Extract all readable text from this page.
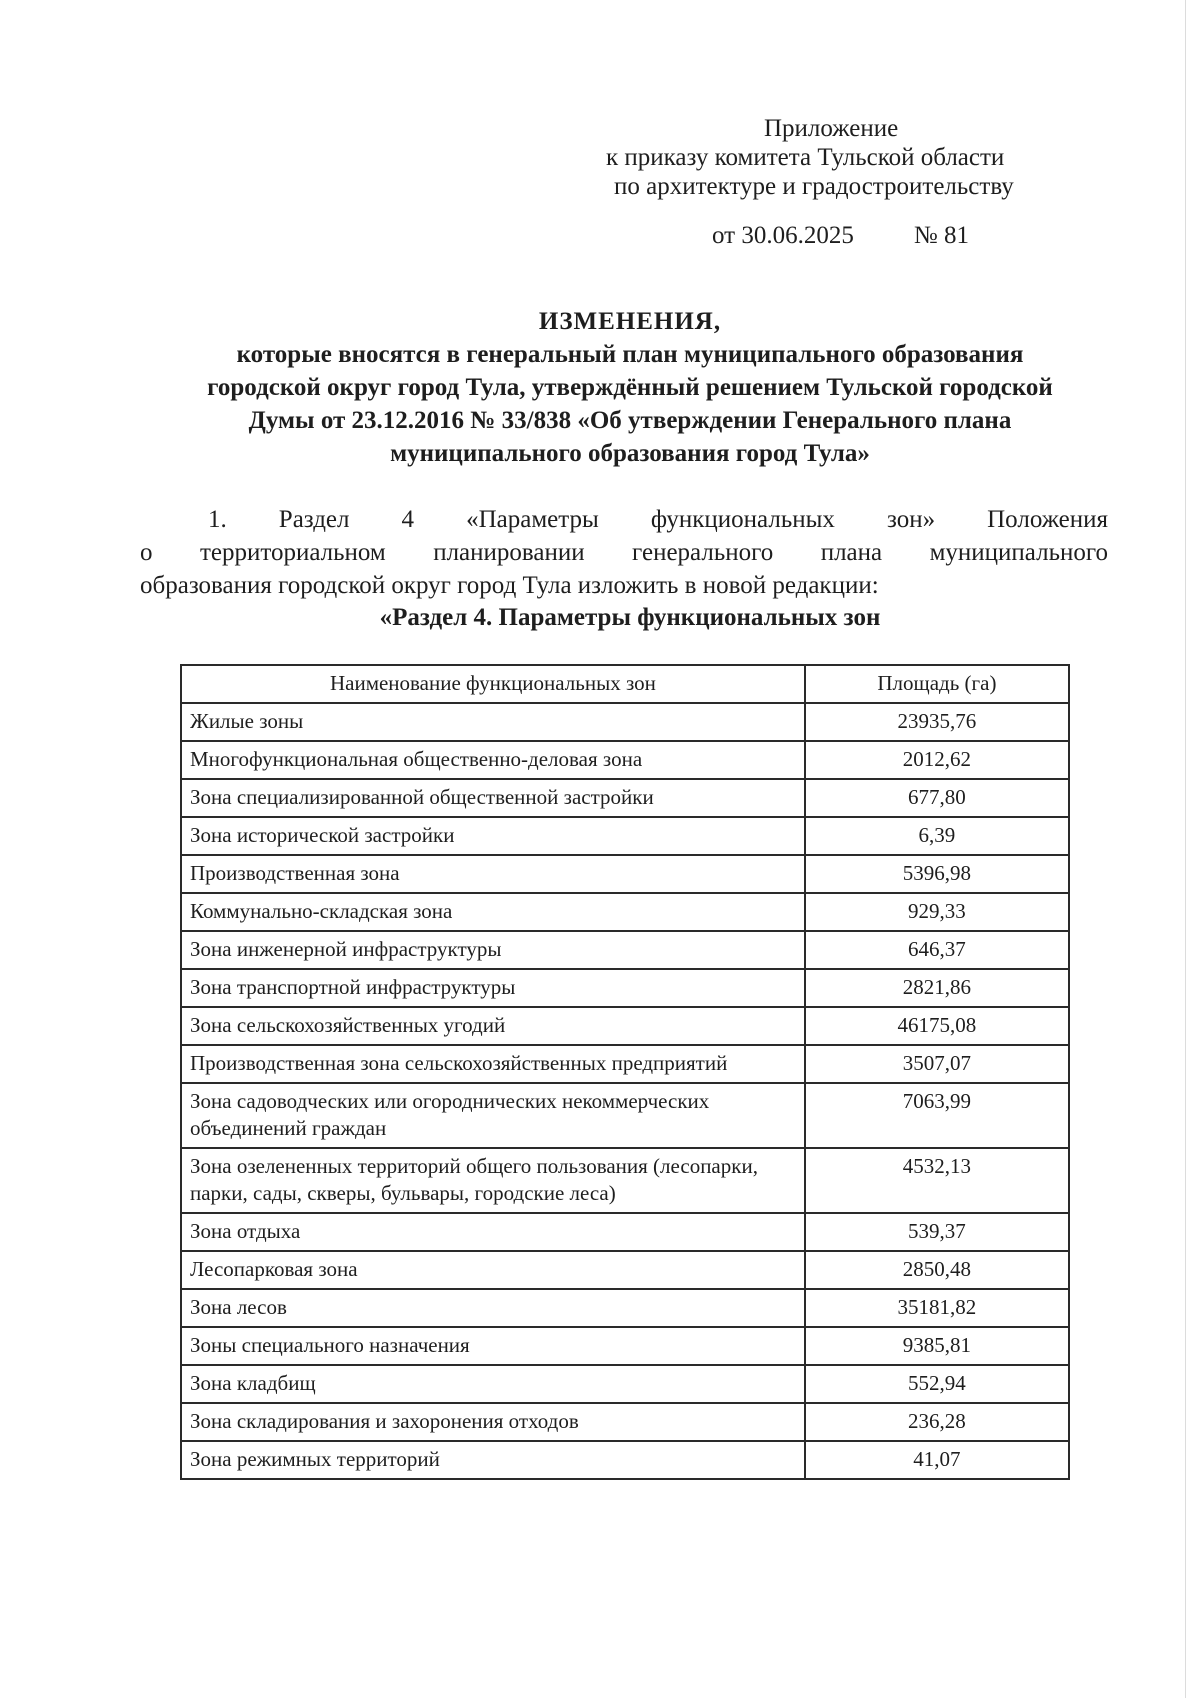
Приложение
к приказу комитета Тульской области
по архитектуре и градостроительству
от 30.06.2025 № 81
ИЗМЕНЕНИЯ,
которые вносятся в генеральный план муниципального образования
городской округ город Тула, утверждённый решением Тульской городской
Думы от 23.12.2016 № 33/838 «Об утверждении Генерального плана
муниципального образования город Тула»
1. Раздел 4 «Параметры функциональных зон» Положения
о территориальном планировании генерального плана муниципального
образования городской округ город Тула изложить в новой редакции:
«Раздел 4. Параметры функциональных зон
Наименование функциональных зон	Площадь (га)
Жилые зоны	23935,76
Многофункциональная общественно-деловая зона	2012,62
Зона специализированной общественной застройки	677,80
Зона исторической застройки	6,39
Производственная зона	5396,98
Коммунально-складская зона	929,33
Зона инженерной инфраструктуры	646,37
Зона транспортной инфраструктуры	2821,86
Зона сельскохозяйственных угодий	46175,08
Производственная зона сельскохозяйственных предприятий	3507,07
Зона садоводческих или огороднических некоммерческих объединений граждан	7063,99
Зона озелененных территорий общего пользования (лесопарки, парки, сады, скверы, бульвары, городские леса)	4532,13
Зона отдыха	539,37
Лесопарковая зона	2850,48
Зона лесов	35181,82
Зоны специального назначения	9385,81
Зона кладбищ	552,94
Зона складирования и захоронения отходов	236,28
Зона режимных территорий	41,07
